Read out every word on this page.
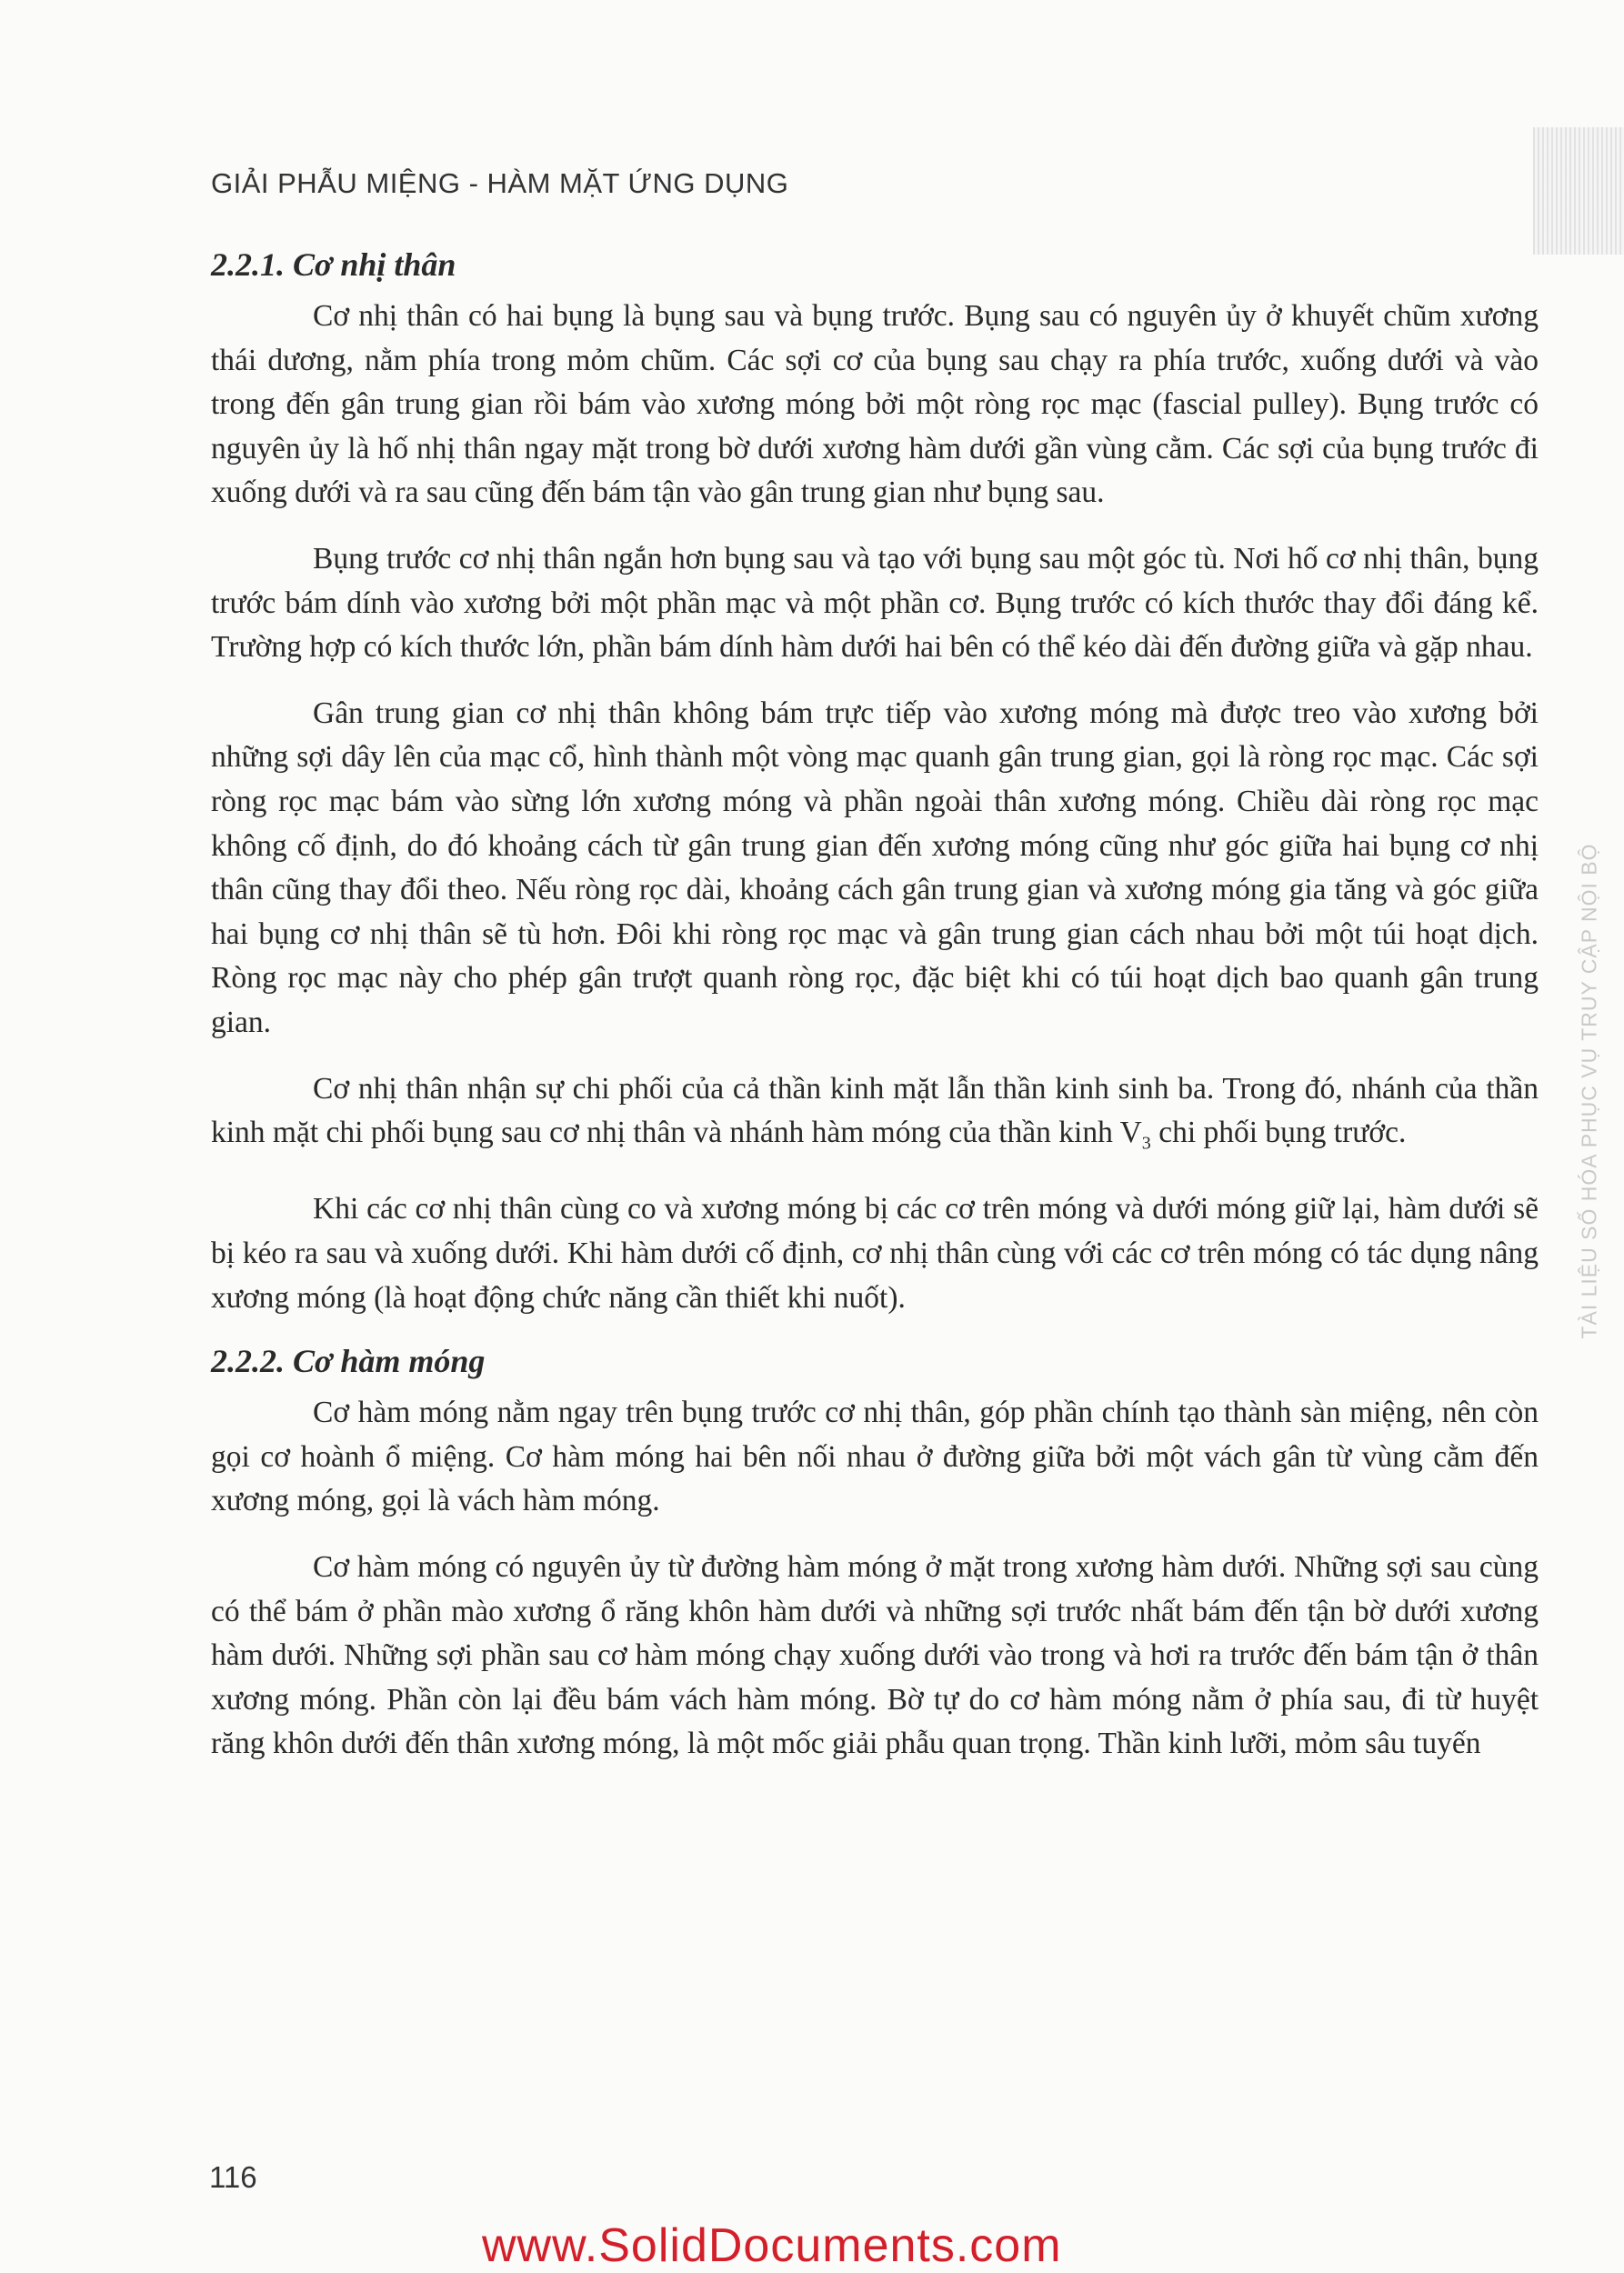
GIẢI PHẪU MIỆNG - HÀM MẶT ỨNG DỤNG
2.2.1. Cơ nhị thân

Cơ nhị thân có hai bụng là bụng sau và bụng trước. Bụng sau có nguyên ủy ở khuyết chũm xương thái dương, nằm phía trong mỏm chũm. Các sợi cơ của bụng sau chạy ra phía trước, xuống dưới và vào trong đến gân trung gian rồi bám vào xương móng bởi một ròng rọc mạc (fascial pulley). Bụng trước có nguyên ủy là hố nhị thân ngay mặt trong bờ dưới xương hàm dưới gần vùng cằm. Các sợi của bụng trước đi xuống dưới và ra sau cũng đến bám tận vào gân trung gian như bụng sau.

Bụng trước cơ nhị thân ngắn hơn bụng sau và tạo với bụng sau một góc tù. Nơi hố cơ nhị thân, bụng trước bám dính vào xương bởi một phần mạc và một phần cơ. Bụng trước có kích thước thay đổi đáng kể. Trường hợp có kích thước lớn, phần bám dính hàm dưới hai bên có thể kéo dài đến đường giữa và gặp nhau.

Gân trung gian cơ nhị thân không bám trực tiếp vào xương móng mà được treo vào xương bởi những sợi dây lên của mạc cổ, hình thành một vòng mạc quanh gân trung gian, gọi là ròng rọc mạc. Các sợi ròng rọc mạc bám vào sừng lớn xương móng và phần ngoài thân xương móng. Chiều dài ròng rọc mạc không cố định, do đó khoảng cách từ gân trung gian đến xương móng cũng như góc giữa hai bụng cơ nhị thân cũng thay đổi theo. Nếu ròng rọc dài, khoảng cách gân trung gian và xương móng gia tăng và góc giữa hai bụng cơ nhị thân sẽ tù hơn. Đôi khi ròng rọc mạc và gân trung gian cách nhau bởi một túi hoạt dịch. Ròng rọc mạc này cho phép gân trượt quanh ròng rọc, đặc biệt khi có túi hoạt dịch bao quanh gân trung gian.

Cơ nhị thân nhận sự chi phối của cả thần kinh mặt lẫn thần kinh sinh ba. Trong đó, nhánh của thần kinh mặt chi phối bụng sau cơ nhị thân và nhánh hàm móng của thần kinh $V_3$ chi phối bụng trước.

Khi các cơ nhị thân cùng co và xương móng bị các cơ trên móng và dưới móng giữ lại, hàm dưới sẽ bị kéo ra sau và xuống dưới. Khi hàm dưới cố định, cơ nhị thân cùng với các cơ trên móng có tác dụng nâng xương móng (là hoạt động chức năng cần thiết khi nuốt).

2.2.2. Cơ hàm móng

Cơ hàm móng nằm ngay trên bụng trước cơ nhị thân, góp phần chính tạo thành sàn miệng, nên còn gọi cơ hoành ổ miệng. Cơ hàm móng hai bên nối nhau ở đường giữa bởi một vách gân từ vùng cằm đến xương móng, gọi là vách hàm móng.

Cơ hàm móng có nguyên ủy từ đường hàm móng ở mặt trong xương hàm dưới. Những sợi sau cùng có thể bám ở phần mào xương ổ răng khôn hàm dưới và những sợi trước nhất bám đến tận bờ dưới xương hàm dưới. Những sợi phần sau cơ hàm móng chạy xuống dưới vào trong và hơi ra trước đến bám tận ở thân xương móng. Phần còn lại đều bám vách hàm móng. Bờ tự do cơ hàm móng nằm ở phía sau, đi từ huyệt răng khôn dưới đến thân xương móng, là một mốc giải phẫu quan trọng. Thần kinh lưỡi, mỏm sâu tuyến

TÀI LIỆU SỐ HÓA PHỤC VỤ TRUY CẬP NỘI BỘ
116
www.SolidDocuments.com
